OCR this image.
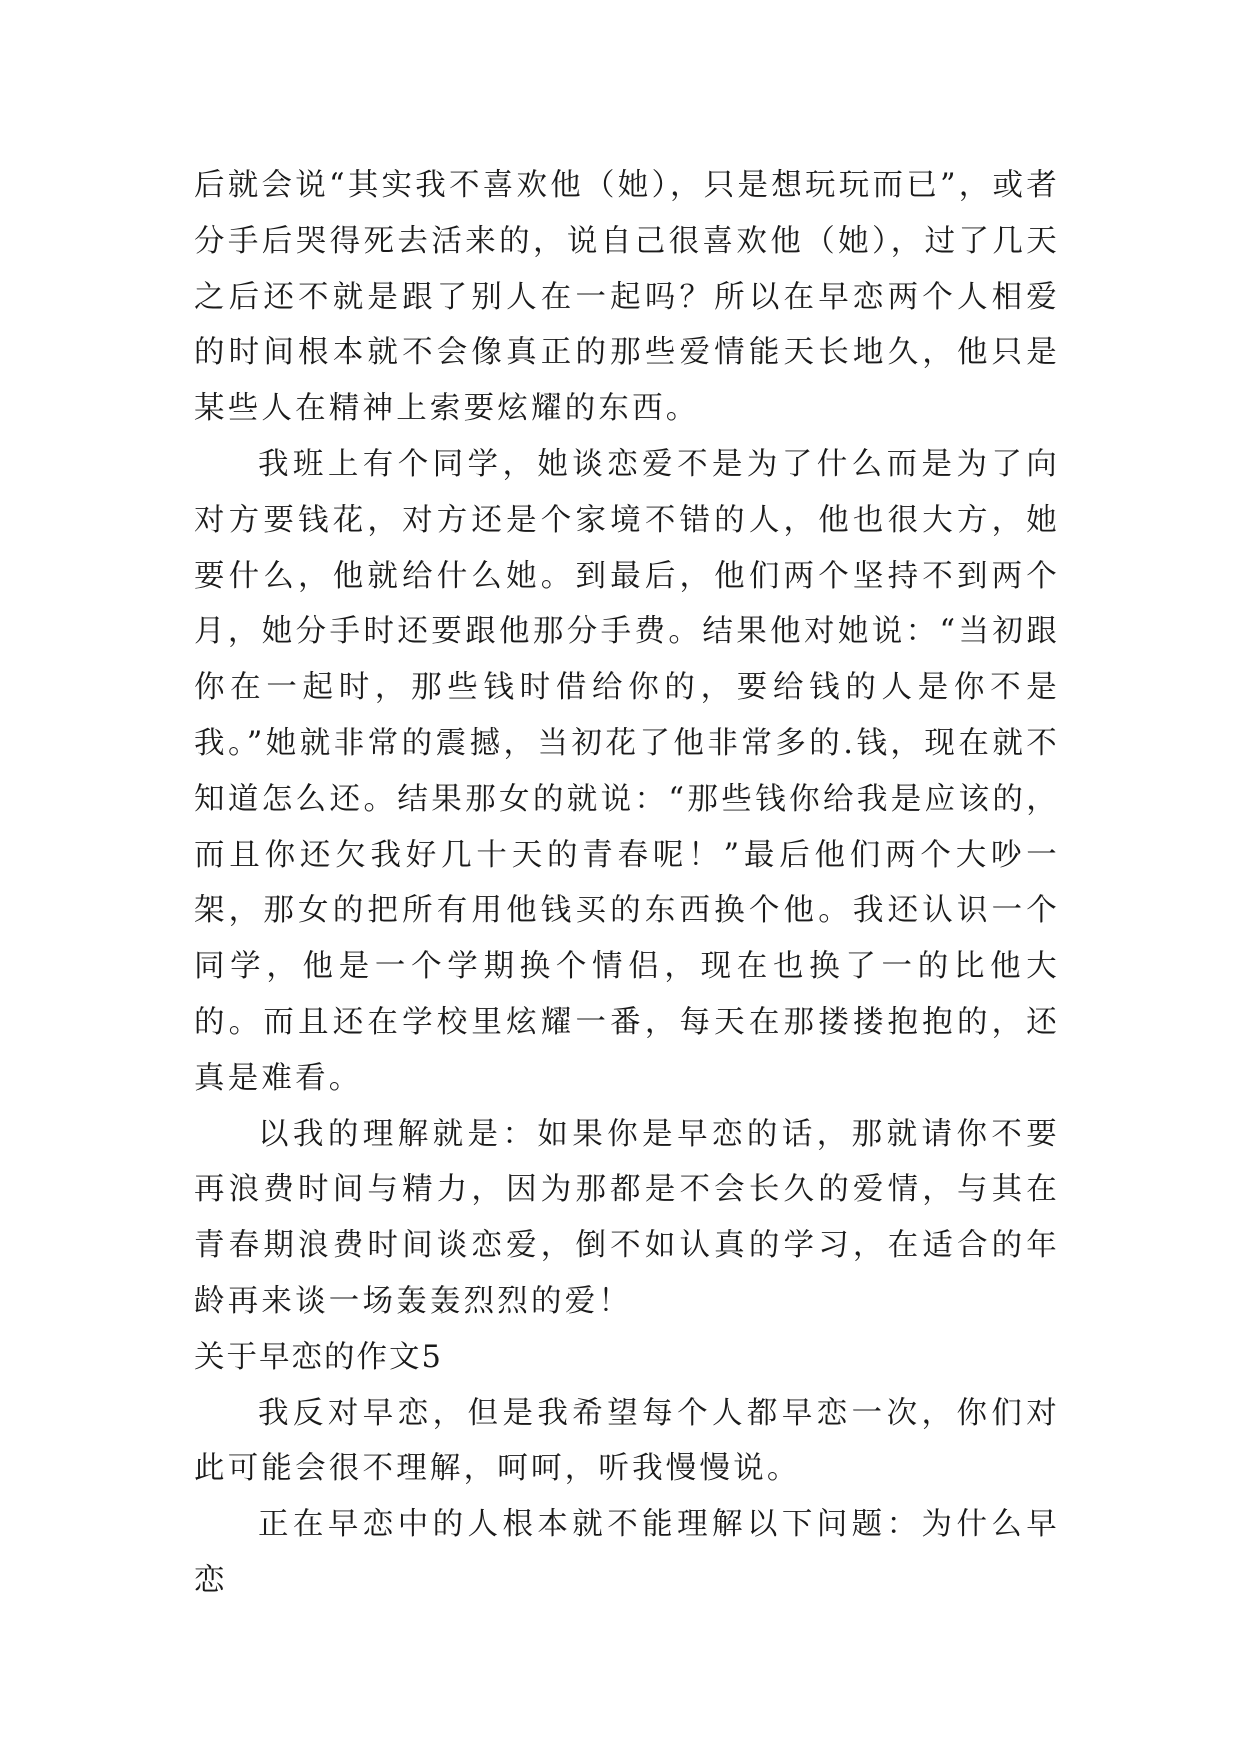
后就会说“其实我不喜欢他（她），只是想玩玩而已”，或者分手后哭得死去活来的，说自己很喜欢他（她），过了几天之后还不就是跟了别人在一起吗？所以在早恋两个人相爱的时间根本就不会像真正的那些爱情能天长地久，他只是某些人在精神上索要炫耀的东西。

我班上有个同学，她谈恋爱不是为了什么而是为了向对方要钱花，对方还是个家境不错的人，他也很大方，她要什么，他就给什么她。到最后，他们两个坚持不到两个月，她分手时还要跟他那分手费。结果他对她说：“当初跟你在一起时，那些钱时借给你的，要给钱的人是你不是我。”她就非常的震撼，当初花了他非常多的.钱，现在就不知道怎么还。结果那女的就说：“那些钱你给我是应该的，而且你还欠我好几十天的青春呢！”最后他们两个大吵一架，那女的把所有用他钱买的东西换个他。我还认识一个同学，他是一个学期换个情侣，现在也换了一的比他大的。而且还在学校里炫耀一番，每天在那搂搂抱抱的，还真是难看。

以我的理解就是：如果你是早恋的话，那就请你不要再浪费时间与精力，因为那都是不会长久的爱情，与其在青春期浪费时间谈恋爱，倒不如认真的学习，在适合的年龄再来谈一场轰轰烈烈的爱！

关于早恋的作文5

我反对早恋，但是我希望每个人都早恋一次，你们对此可能会很不理解，呵呵，听我慢慢说。

正在早恋中的人根本就不能理解以下问题：为什么早恋
